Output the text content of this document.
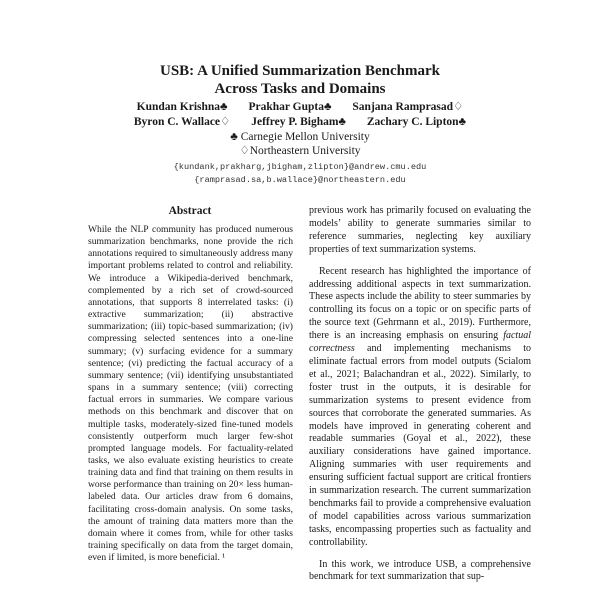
USB: A Unified Summarization Benchmark
Across Tasks and Domains
Kundan Krishna♣ Prakhar Gupta♣ Sanjana Ramprasad♢
Byron C. Wallace♢ Jeffrey P. Bigham♣ Zachary C. Lipton♣
♣ Carnegie Mellon University
♢Northeastern University
{kundank,prakharg,jbigham,zlipton}@andrew.cmu.edu
{ramprasad.sa,b.wallace}@northeastern.edu
Abstract

While the NLP community has produced numerous summarization benchmarks, none provide the rich annotations required to simultaneously address many important problems related to control and reliability. We introduce a Wikipedia-derived benchmark, complemented by a rich set of crowd-sourced annotations, that supports 8 interrelated tasks: (i) extractive summarization; (ii) abstractive summarization; (iii) topic-based summarization; (iv) compressing selected sentences into a one-line summary; (v) surfacing evidence for a summary sentence; (vi) predicting the factual accuracy of a summary sentence; (vii) identifying unsubstantiated spans in a summary sentence; (viii) correcting factual errors in summaries. We compare various methods on this benchmark and discover that on multiple tasks, moderately-sized fine-tuned models consistently outperform much larger few-shot prompted language models. For factuality-related tasks, we also evaluate existing heuristics to create training data and find that training on them results in worse performance than training on 20× less human-labeled data. Our articles draw from 6 domains, facilitating cross-domain analysis. On some tasks, the amount of training data matters more than the domain where it comes from, while for other tasks training specifically on data from the target domain, even if limited, is more beneficial. ¹

previous work has primarily focused on evaluating the models’ ability to generate summaries similar to reference summaries, neglecting key auxiliary properties of text summarization systems.

Recent research has highlighted the importance of addressing additional aspects in text summarization. These aspects include the ability to steer summaries by controlling its focus on a topic or on specific parts of the source text (Gehrmann et al., 2019). Furthermore, there is an increasing emphasis on ensuring factual correctness and implementing mechanisms to eliminate factual errors from model outputs (Scialom et al., 2021; Balachandran et al., 2022). Similarly, to foster trust in the outputs, it is desirable for summarization systems to present evidence from sources that corroborate the generated summaries. As models have improved in generating coherent and readable summaries (Goyal et al., 2022), these auxiliary considerations have gained importance. Aligning summaries with user requirements and ensuring sufficient factual support are critical frontiers in summarization research. The current summarization benchmarks fail to provide a comprehensive evaluation of model capabilities across various summarization tasks, encompassing properties such as factuality and controllability.

In this work, we introduce USB, a comprehensive benchmark for text summarization that sup-
